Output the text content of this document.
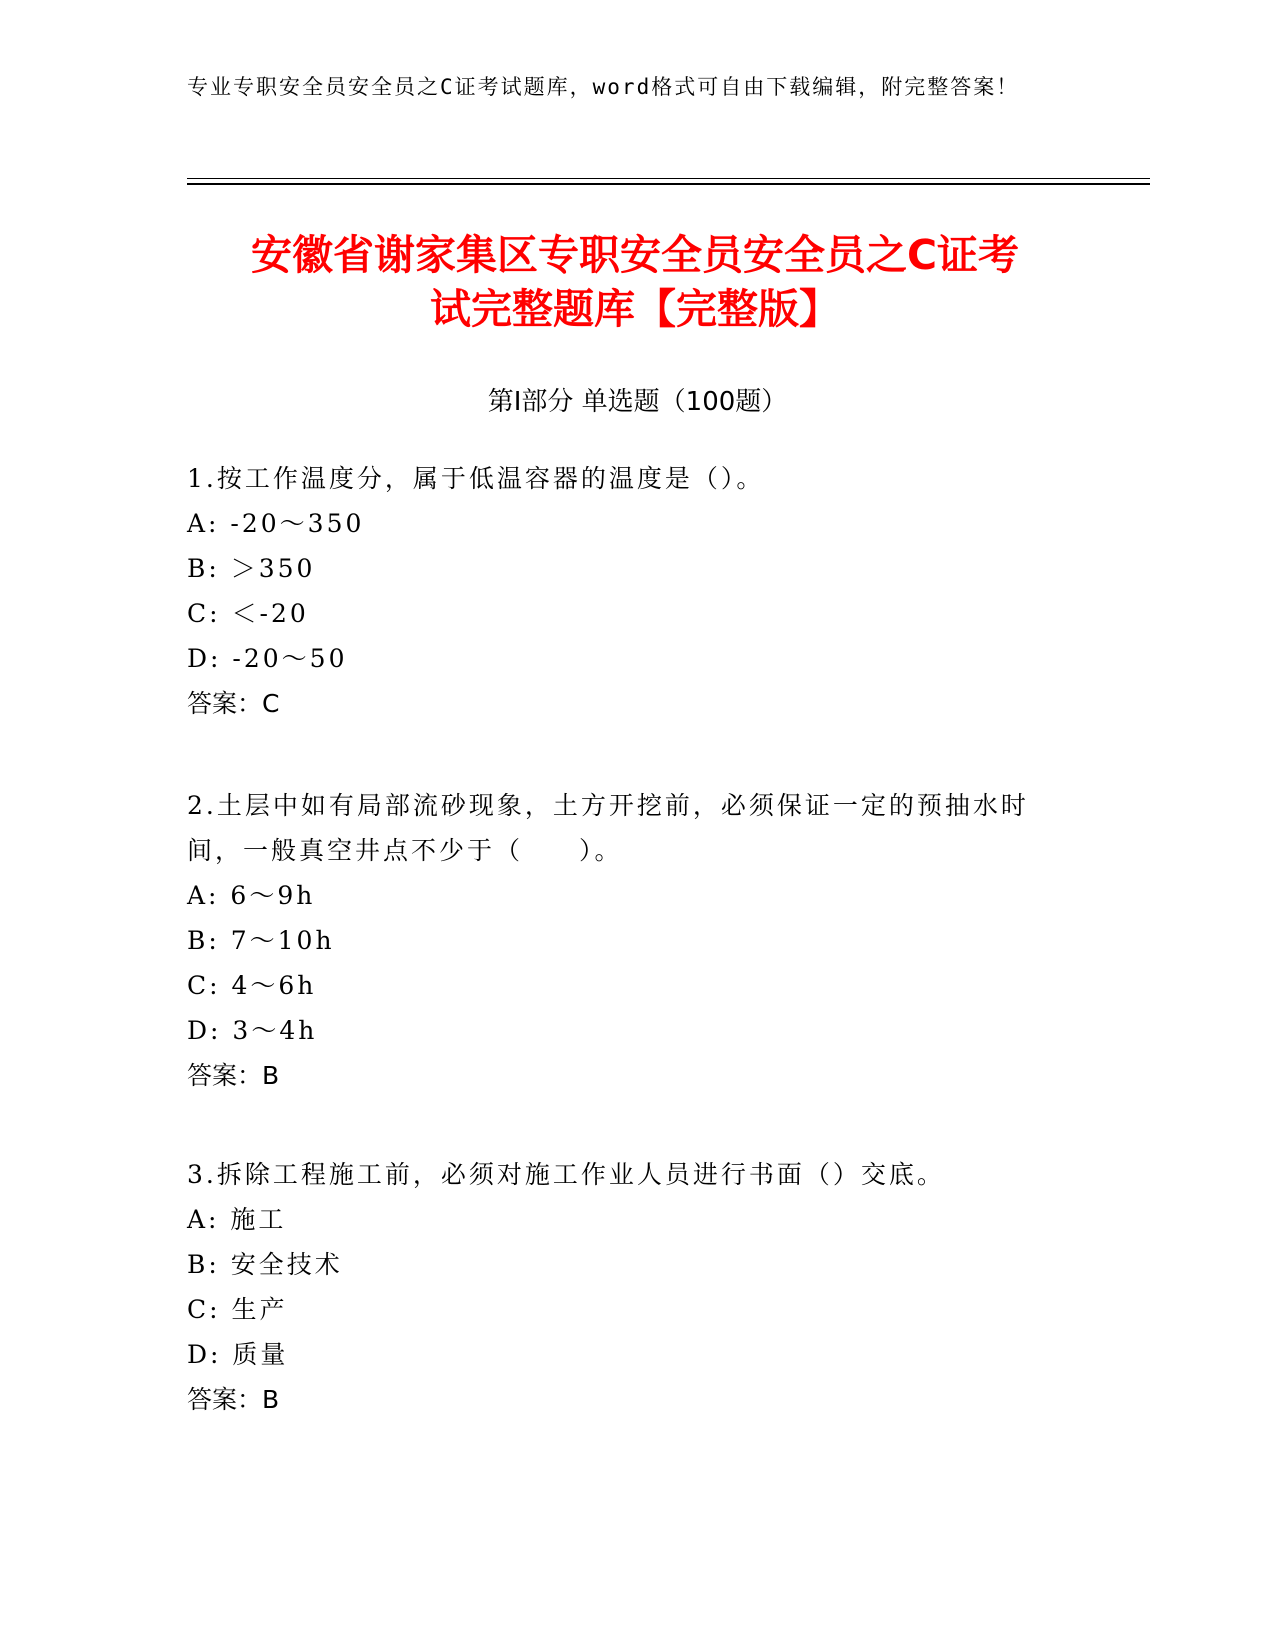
专业专职安全员安全员之C证考试题库，word格式可自由下载编辑，附完整答案！
安徽省谢家集区专职安全员安全员之C证考
试完整题库【完整版】
第Ⅰ部分 单选题（100题）

1.按工作温度分，属于低温容器的温度是（）。

A: -20～350

B: ＞350

C: ＜-20

D: -20～50

答案：C

2.土层中如有局部流砂现象，土方开挖前，必须保证一定的预抽水时间，一般真空井点不少于（　　）。

A: 6～9h

B: 7～10h

C: 4～6h

D: 3～4h

答案：B

3.拆除工程施工前，必须对施工作业人员进行书面（）交底。

A: 施工

B: 安全技术

C: 生产

D: 质量

答案：B
